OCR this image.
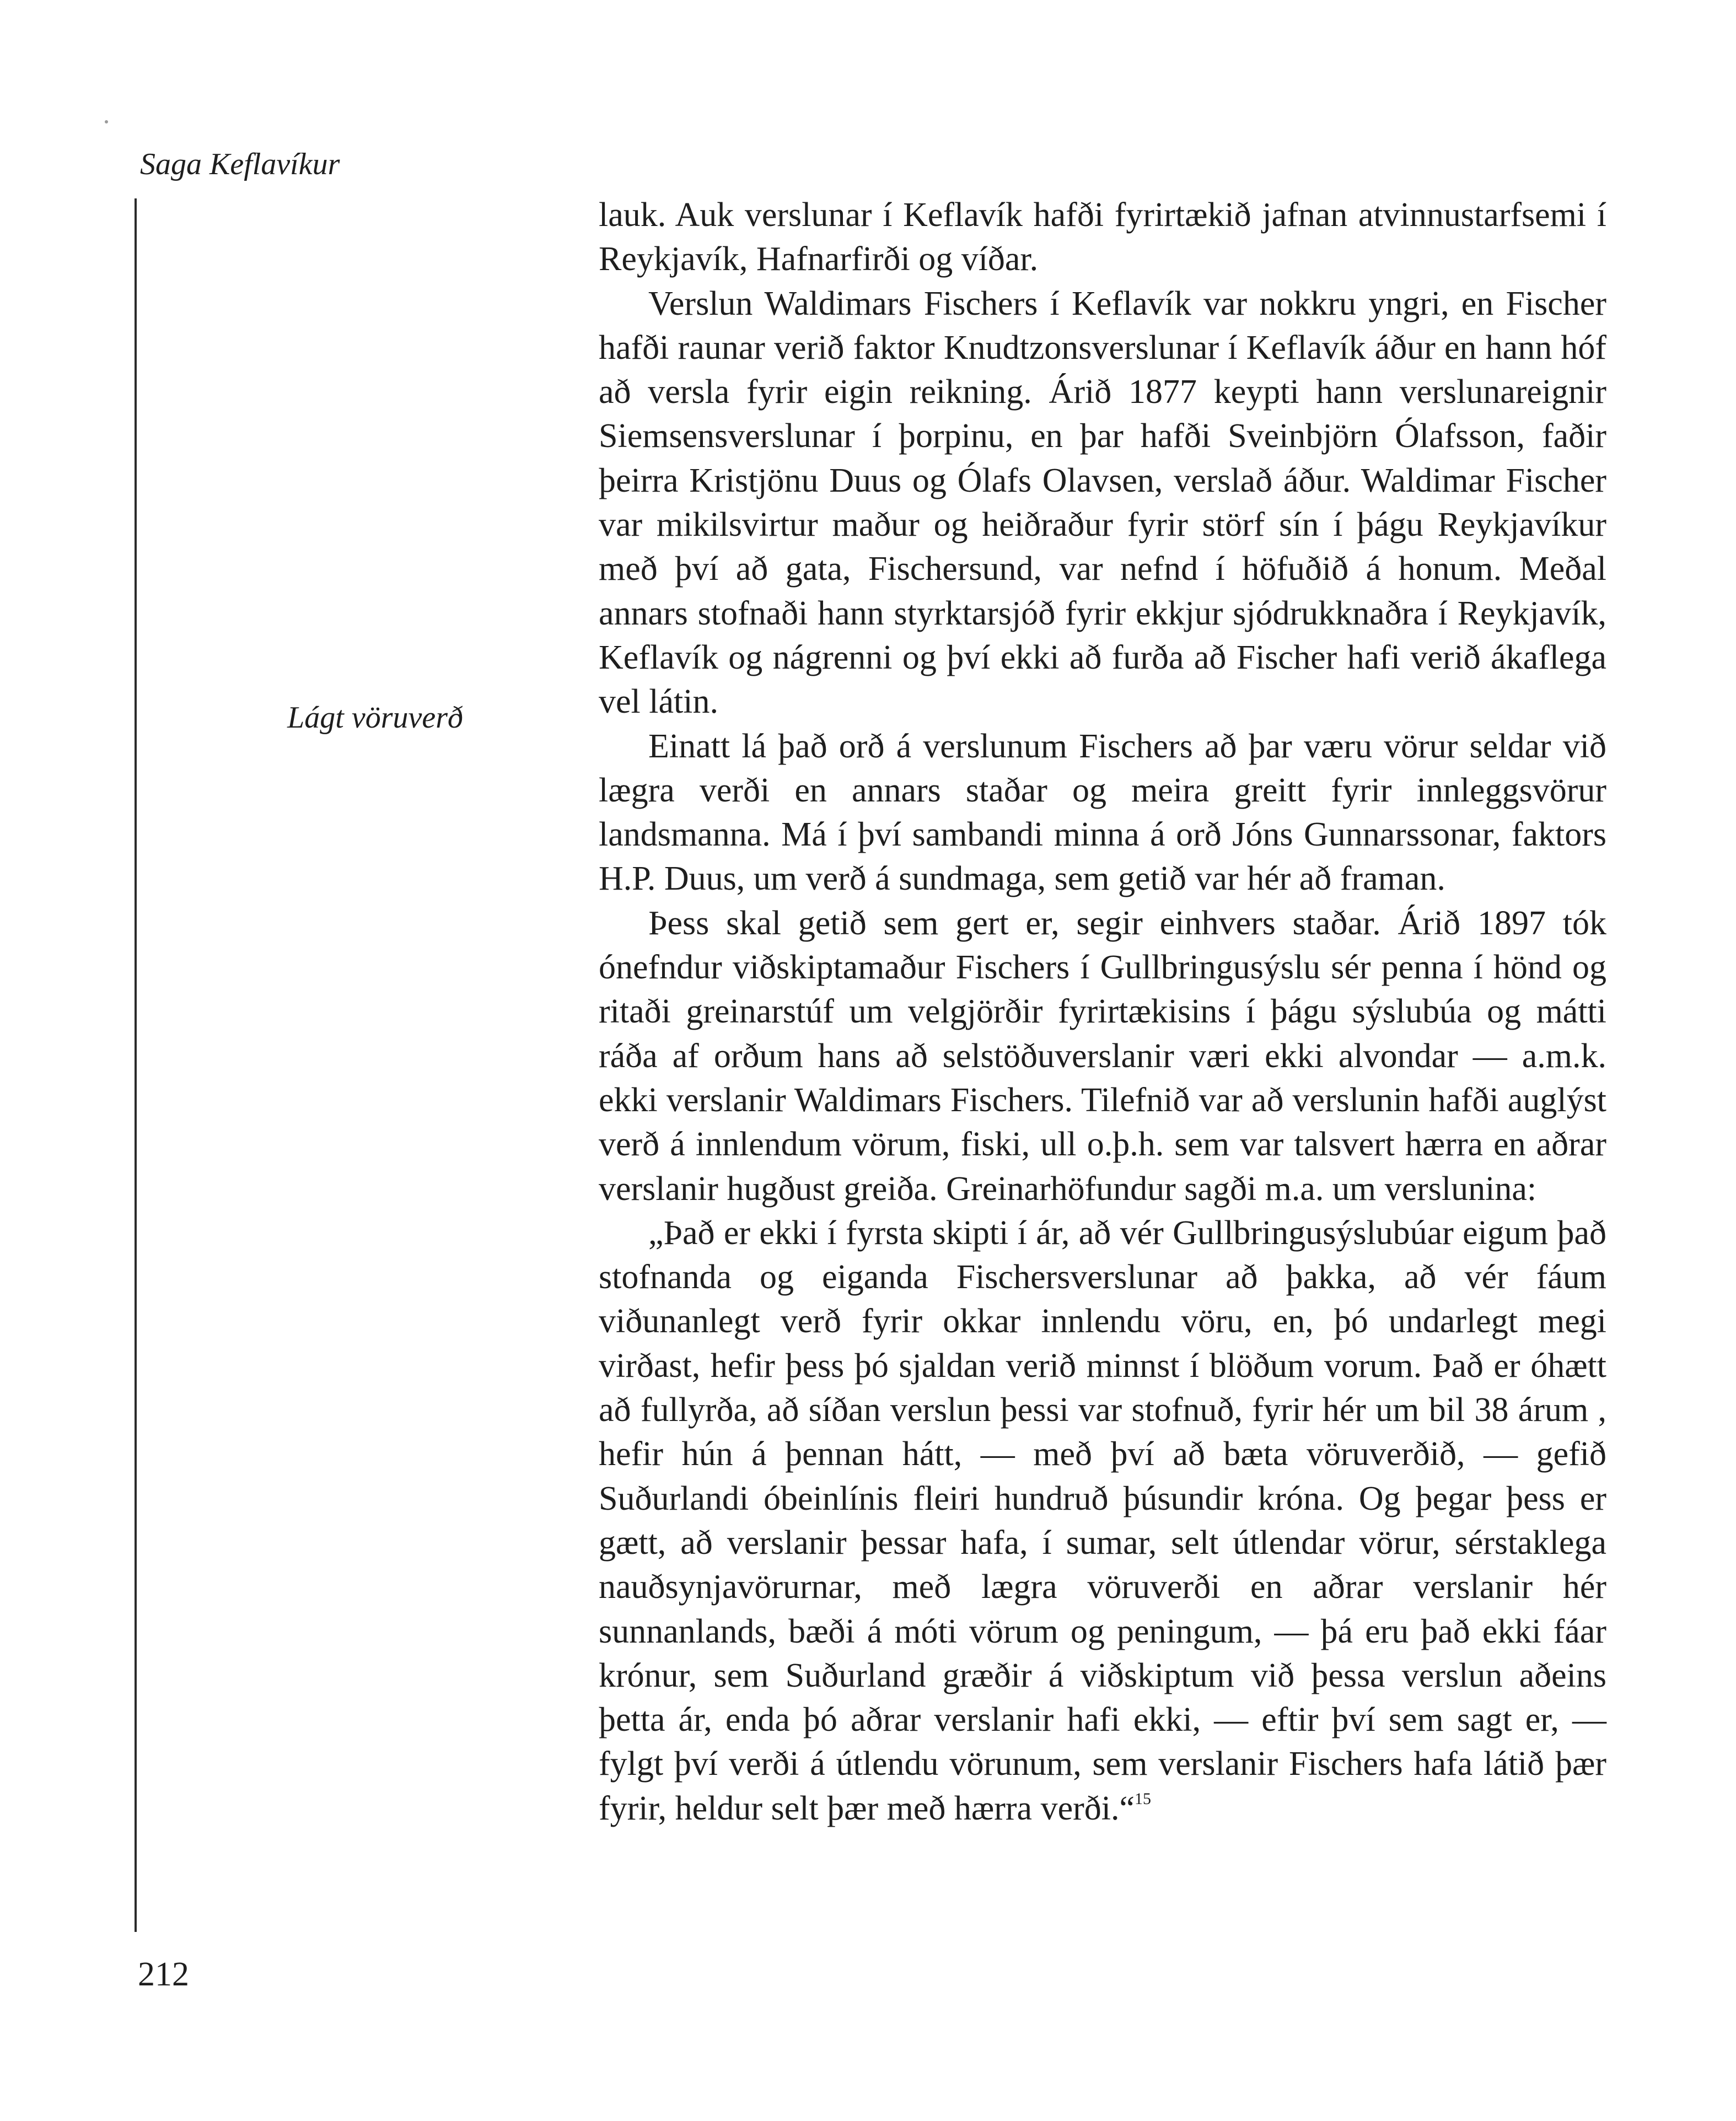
Saga Keflavíkur
Lágt vöruverð

lauk. Auk verslunar í Keflavík hafði fyrirtækið jafnan atvinnustarfsemi í Reykjavík, Hafnarfirði og víðar.

Verslun Waldimars Fischers í Keflavík var nokkru yngri, en Fischer hafði raunar verið faktor Knudtzonsverslunar í Keflavík áður en hann hóf að versla fyrir eigin reikning. Árið 1877 keypti hann verslunareignir Siemsensverslunar í þorpinu, en þar hafði Sveinbjörn Ólafsson, faðir þeirra Kristjönu Duus og Ólafs Olavsen, verslað áður. Waldimar Fischer var mikilsvirtur maður og heiðraður fyrir störf sín í þágu Reykjavíkur með því að gata, Fischersund, var nefnd í höfuðið á honum. Meðal annars stofnaði hann styrktarsjóð fyrir ekkjur sjódrukknaðra í Reykjavík, Keflavík og nágrenni og því ekki að furða að Fischer hafi verið ákaflega vel látin.

Einatt lá það orð á verslunum Fischers að þar væru vörur seldar við lægra verði en annars staðar og meira greitt fyrir innleggsvörur landsmanna. Má í því sambandi minna á orð Jóns Gunnarssonar, faktors H.P. Duus, um verð á sundmaga, sem getið var hér að framan.

Þess skal getið sem gert er, segir einhvers staðar. Árið 1897 tók ónefndur viðskiptamaður Fischers í Gullbringusýslu sér penna í hönd og ritaði greinarstúf um velgjörðir fyrirtækisins í þágu sýslubúa og mátti ráða af orðum hans að selstöðuverslanir væri ekki alvondar — a.m.k. ekki verslanir Waldimars Fischers. Tilefnið var að verslunin hafði auglýst verð á innlendum vörum, fiski, ull o.þ.h. sem var talsvert hærra en aðrar verslanir hugðust greiða. Greinarhöfundur sagði m.a. um verslunina:

„Það er ekki í fyrsta skipti í ár, að vér Gullbringusýslubúar eigum það stofnanda og eiganda Fischersverslunar að þakka, að vér fáum viðunanlegt verð fyrir okkar innlendu vöru, en, þó undarlegt megi virðast, hefir þess þó sjaldan verið minnst í blöðum vorum. Það er óhætt að fullyrða, að síðan verslun þessi var stofnuð, fyrir hér um bil 38 árum , hefir hún á þennan hátt, — með því að bæta vöruverðið, — gefið Suðurlandi óbeinlínis fleiri hundruð þúsundir króna. Og þegar þess er gætt, að verslanir þessar hafa, í sumar, selt útlendar vörur, sérstaklega nauðsynjavörurnar, með lægra vöruverði en aðrar verslanir hér sunnanlands, bæði á móti vörum og peningum, — þá eru það ekki fáar krónur, sem Suðurland græðir á viðskiptum við þessa verslun aðeins þetta ár, enda þó aðrar verslanir hafi ekki, — eftir því sem sagt er, — fylgt því verði á útlendu vörunum, sem verslanir Fischers hafa látið þær fyrir, heldur selt þær með hærra verði.“$^{15}$

212
